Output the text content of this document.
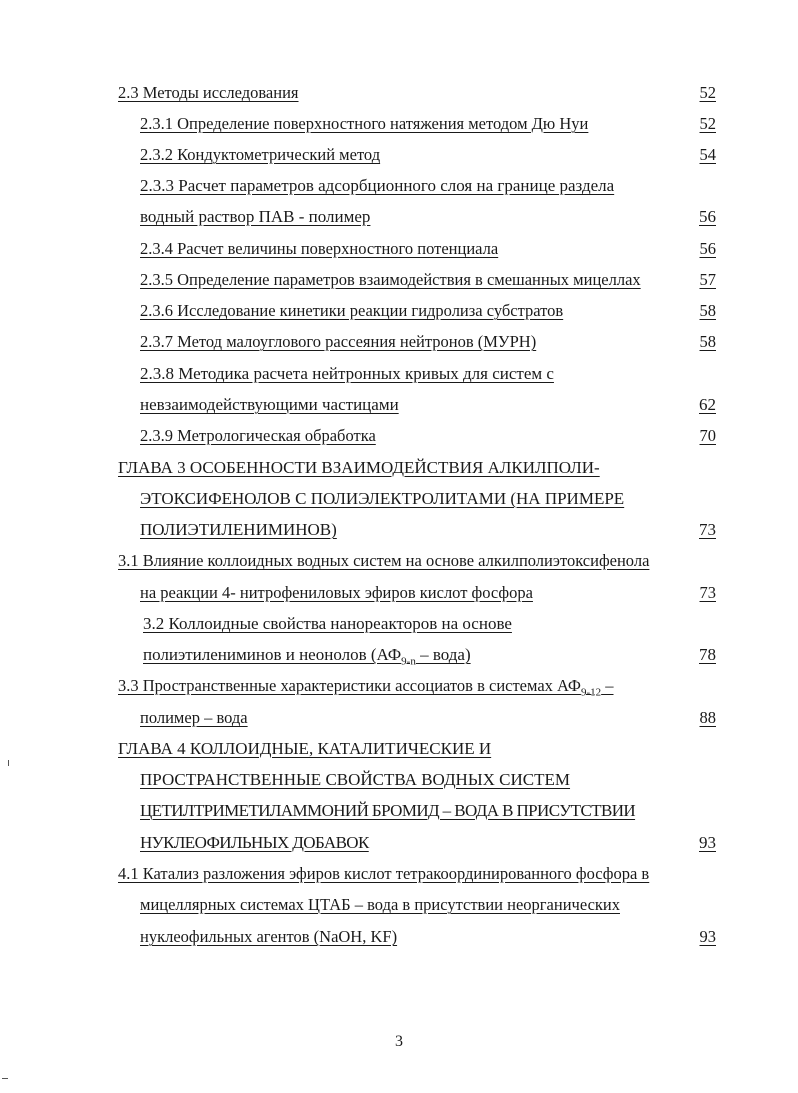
2.3 Методы исследования	52
2.3.1 Определение поверхностного натяжения методом Дю Нуи	52
2.3.2 Кондуктометрический метод	54
2.3.3 Расчет параметров адсорбционного слоя на границе раздела
водный раствор ПАВ - полимер	56
2.3.4 Расчет величины поверхностного потенциала	56
2.3.5 Определение параметров взаимодействия в смешанных мицеллах	57
2.3.6 Исследование кинетики реакции гидролиза субстратов	58
2.3.7 Метод малоуглового рассеяния нейтронов (МУРН)	58
2.3.8 Методика расчета нейтронных кривых для систем с
невзаимодействующими частицами	62
2.3.9 Метрологическая обработка	70
ГЛАВА 3 ОСОБЕННОСТИ ВЗАИМОДЕЙСТВИЯ АЛКИЛПОЛИ-
ЭТОКСИФЕНОЛОВ С ПОЛИЭЛЕКТРОЛИТАМИ (НА ПРИМЕРЕ
ПОЛИЭТИЛЕНИМИНОВ)	73
3.1 Влияние коллоидных водных систем на основе алкилполиэтоксифенола
на реакции 4- нитрофениловых эфиров кислот фосфора	73
3.2 Коллоидные свойства нанореакторов на основе
полиэтилениминов и неонолов ($АФ_{9-n}$ – вода)	78
3.3 Пространственные характеристики ассоциатов в системах $АФ_{9-12}$ –
полимер – вода	88
ГЛАВА 4 КОЛЛОИДНЫЕ, КАТАЛИТИЧЕСКИЕ И
ПРОСТРАНСТВЕННЫЕ СВОЙСТВА ВОДНЫХ СИСТЕМ
ЦЕТИЛТРИМЕТИЛАММОНИЙ БРОМИД – ВОДА В ПРИСУТСТВИИ
НУКЛЕОФИЛЬНЫХ ДОБАВОК	93
4.1 Катализ разложения эфиров кислот тетракоординированного фосфора в
мицеллярных системах ЦТАБ – вода в присутствии неорганических
нуклеофильных агентов (NaOH, KF)	93
3
